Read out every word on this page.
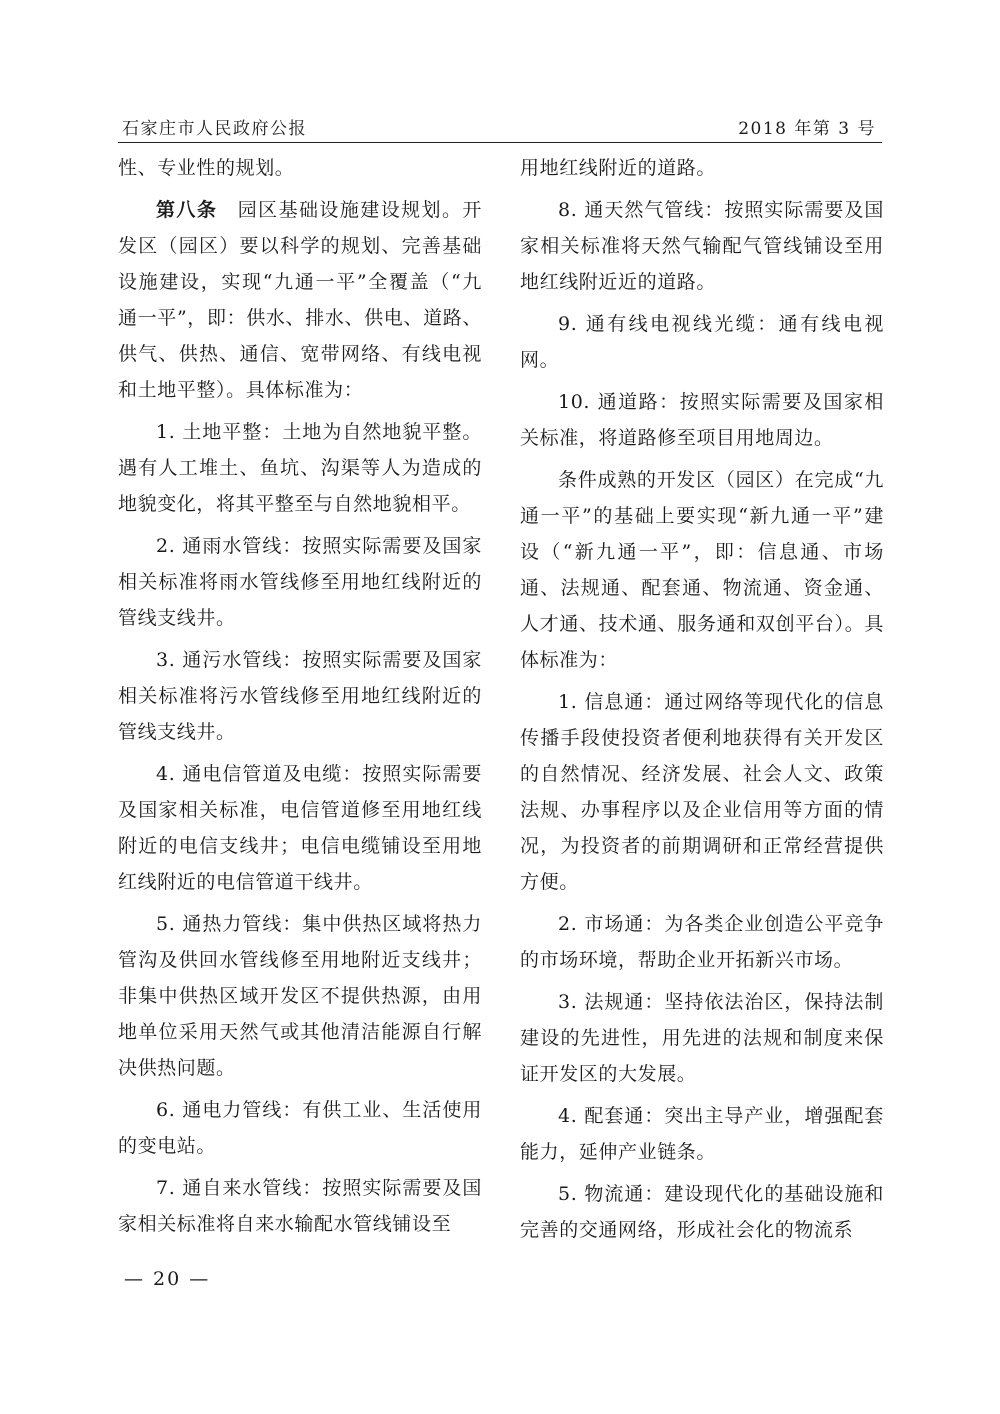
石家庄市人民政府公报	2018 年第 3 号

性、专业性的规划。

第八条　 园区基础设施建设规划。开发区（园区）要以科学的规划、完善基础设施建设，实现“九通一平”全覆盖（“九通一平”，即：供水、排水、供电、道路、供气、供热、通信、宽带网络、有线电视和土地平整）。具体标准为：

1. 土地平整：土地为自然地貌平整。遇有人工堆土、鱼坑、沟渠等人为造成的地貌变化，将其平整至与自然地貌相平。

2. 通雨水管线：按照实际需要及国家相关标准将雨水管线修至用地红线附近的管线支线井。

3. 通污水管线：按照实际需要及国家相关标准将污水管线修至用地红线附近的管线支线井。

4. 通电信管道及电缆：按照实际需要及国家相关标准，电信管道修至用地红线附近的电信支线井；电信电缆铺设至用地红线附近的电信管道干线井。

5. 通热力管线：集中供热区域将热力管沟及供回水管线修至用地附近支线井；非集中供热区域开发区不提供热源，由用地单位采用天然气或其他清洁能源自行解决供热问题。

6. 通电力管线：有供工业、生活使用的变电站。

7. 通自来水管线：按照实际需要及国家相关标准将自来水输配水管线铺设至

用地红线附近的道路。

8. 通天然气管线：按照实际需要及国家相关标准将天然气输配气管线铺设至用地红线附近近的道路。

9. 通有线电视线光缆：通有线电视网。

10. 通道路：按照实际需要及国家相关标准，将道路修至项目用地周边。

条件成熟的开发区（园区）在完成“九通一平”的基础上要实现“新九通一平”建设（“新九通一平”，即：信息通、市场通、法规通、配套通、物流通、资金通、人才通、技术通、服务通和双创平台）。具体标准为：

1. 信息通：通过网络等现代化的信息传播手段使投资者便利地获得有关开发区的自然情况、经济发展、社会人文、政策法规、办事程序以及企业信用等方面的情况，为投资者的前期调研和正常经营提供方便。

2. 市场通：为各类企业创造公平竞争的市场环境，帮助企业开拓新兴市场。

3. 法规通：坚持依法治区，保持法制建设的先进性，用先进的法规和制度来保证开发区的大发展。

4. 配套通：突出主导产业，增强配套能力，延伸产业链条。

5. 物流通：建设现代化的基础设施和完善的交通网络，形成社会化的物流系

— 20 —
